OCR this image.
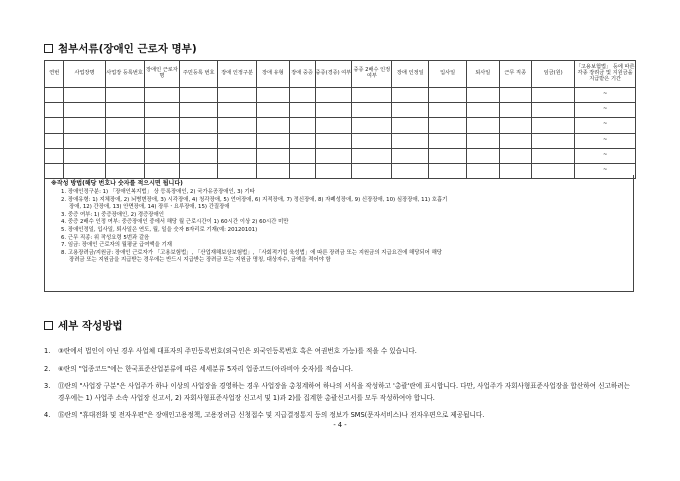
첨부서류(장애인 근로자 명부)
연번	사업장명	사업장 등록번호	장애인 근로자명	주민등록 번호	장애 인정구분	장애 유형	장애 중증	중증(경증) 여부	중증 2배수 인정 여부	장애 인정일	입사일	퇴사일	근무 직종	임금(원)	「고용보험법」 등에 따른 각종 장려금 및 지원금을 지급받은 기간
															~
															~
															~
															~
															~
															~
※작성 방법(해당 번호나 숫자를 적으시면 됩니다)
1. 장애인정구분: 1) 「장애인복지법」 상 등록장애인, 2) 국가유공장애인, 3) 기타
2. 장애유형: 1) 지체장애, 2) 뇌병변장애, 3) 시각장애, 4) 청각장애, 5) 언어장애, 6) 지적장애, 7) 정신장애, 8) 자폐성장애, 9) 신장장애, 10) 심장장애, 11) 호흡기
장애, 12) 간장애, 13) 안면장애, 14) 장루ㆍ요루장애, 15) 간질장애
3. 중증 여부: 1) 중증장애인, 2) 경증장애인
4. 중증 2배수 인정 여부: 중증장애인 중에서 해당 월 근로시간이 1) 60시간 이상 2) 60시간 미만
5. 장애인정일, 입사일, 퇴사일은 연도, 월, 일을 숫자 8자리로 기재(예: 20120101)
6. 근무 직종: 위 작성요령 5번과 같음
7. 임금: 장애인 근로자의 월평균 급여액을 기재
8. 고용장려금/지원금: 장애인 근로자가 「고용보험법」, 「산업재해보상보험법」, 「사회적기업 육성법」에 따른 장려금 또는 지원금의 지급요건에 해당되어 해당
장려금 또는 지원금을 지급받는 경우에는 반드시 지급받는 장려금 또는 지원금 명칭, 대상자수, 금액을 적어야 함
세부 작성방법
1.	③란에서 법인이 아닌 경우 사업체 대표자의 주민등록번호(외국인은 외국인등록번호 혹은 여권번호 가능)를 적을 수 있습니다.
2.	⑥란의 "업종코드"에는 한국표준산업분류에 따른 세세분류 5자리 업종코드(아라비아 숫자)를 적습니다.
3.	⑪란의 "사업장 구분"은 사업주가 하나 이상의 사업장을 경영하는 경우 사업장을 총칭계하여 하나의 서식을 작성하고 '총괄'란에 표시합니다. 다만, 사업주가 자회사형표준사업장을 합산하여 신고하려는 경우에는 1) 사업주 소속 사업장 신고서, 2) 자회사형표준사업장 신고서 및 1)과 2)를 집계한 총괄신고서를 모두 작성하여야 합니다.
4.	⑮란의 "휴대전화 및 전자우편"은 장애인고용정책, 고용장려금 신청접수 및 지급결정통지 등의 정보가 SMS(문자서비스)나 전자우편으로 제공됩니다.
- 4 -
